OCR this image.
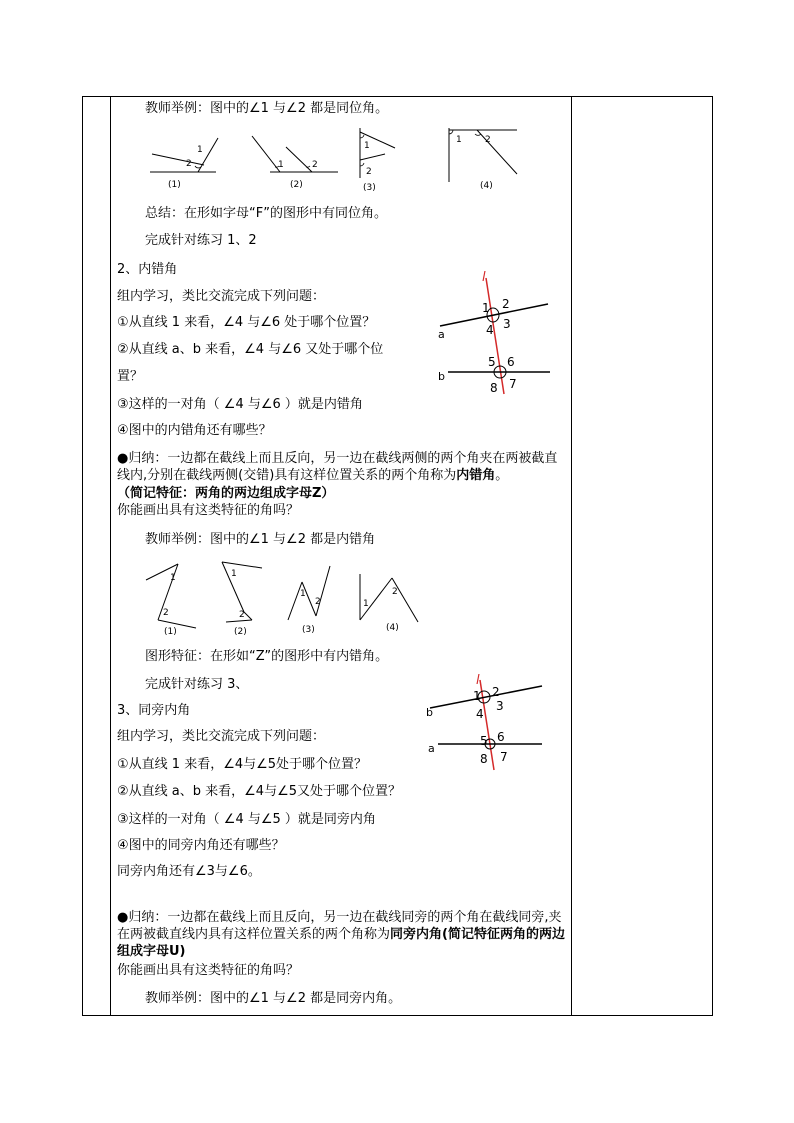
教师举例：图中的∠1 与∠2 都是同位角。
1
2
(1)
1	2
(2)
1
2
(3)
1	2
(4)
总结：在形如字母“F”的图形中有同位角。
完成针对练习 1、2
2、内错角
组内学习，类比交流完成下列问题：
①从直线 1 来看，∠4 与∠6 处于哪个位置？
②从直线 a、b 来看，∠4 与∠6 又处于哪个位
置？
③这样的一对角（ ∠4 与∠6 ）就是内错角
④图中的内错角还有哪些？
l
a
b
1 2
3
4
5 6
7
8
●归纳：一边都在截线上而且反向，另一边在截线两侧的两个角夹在两被截直线内,分别在截线两侧(交错)具有这样位置关系的两个角称为内错角。
（简记特征：两角的两边组成字母Z）
你能画出具有这类特征的角吗？
教师举例：图中的∠1 与∠2 都是内错角
1
2
(1)
1
2
(2)
1
2
(3)
1
2
(4)
图形特征：在形如“Z”的图形中有内错角。
完成针对练习 3、
3、同旁内角
组内学习，类比交流完成下列问题：
①从直线 1 来看，∠4与∠5处于哪个位置？
②从直线 a、b 来看，∠4与∠5又处于哪个位置？
③这样的一对角（ ∠4 与∠5 ）就是同旁内角
④图中的同旁内角还有哪些？
同旁内角还有∠3与∠6。
l
b
a
1 2
3
4
5 6
7
8
●归纳：一边都在截线上而且反向，另一边在截线同旁的两个角在截线同旁,夹在两被截直线内具有这样位置关系的两个角称为同旁内角(简记特征两角的两边组成字母U)
你能画出具有这类特征的角吗？
教师举例：图中的∠1 与∠2 都是同旁内角。
